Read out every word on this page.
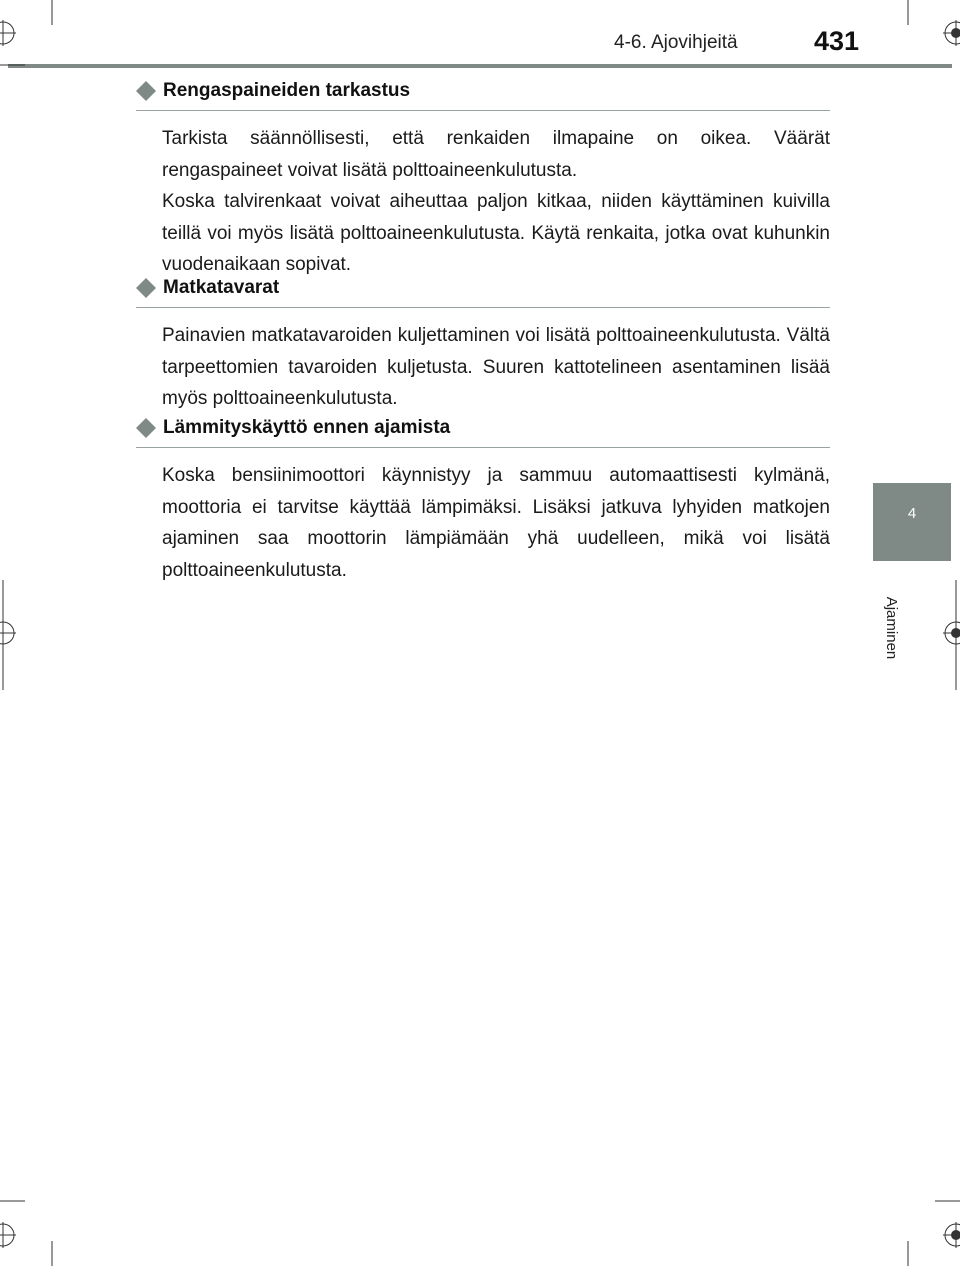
4-6. Ajovihjeitä	431
4
Ajaminen
Rengaspaineiden tarkastus

Tarkista säännöllisesti, että renkaiden ilmapaine on oikea. Väärät rengaspaineet voivat lisätä polttoaineenkulutusta.

Koska talvirenkaat voivat aiheuttaa paljon kitkaa, niiden käyttäminen kuivilla teillä voi myös lisätä polttoaineenkulutusta. Käytä renkaita, jotka ovat kuhunkin vuodenaikaan sopivat.

Matkatavarat

Painavien matkatavaroiden kuljettaminen voi lisätä polttoaineenkulutusta. Vältä tarpeettomien tavaroiden kuljetusta. Suuren kattotelineen asentaminen lisää myös polttoaineenkulutusta.

Lämmityskäyttö ennen ajamista

Koska bensiinimoottori käynnistyy ja sammuu automaattisesti kylmänä, moottoria ei tarvitse käyttää lämpimäksi. Lisäksi jatkuva lyhyiden matkojen ajaminen saa moottorin lämpiämään yhä uudelleen, mikä voi lisätä polttoaineenkulutusta.
